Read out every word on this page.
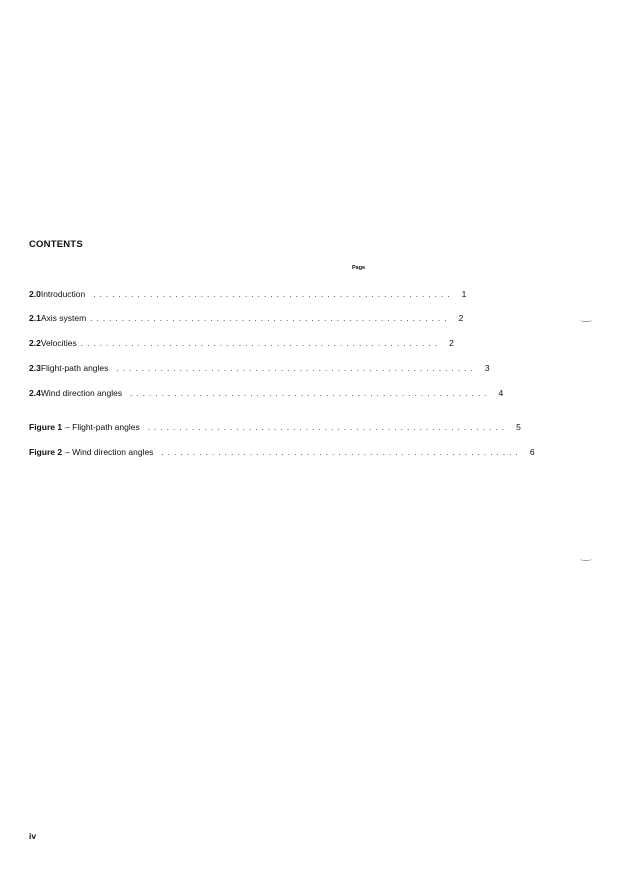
CONTENTS
Page
2.0 Introduction ......................................................... 1
2.1 Axis system ......................................................... 2
2.2 Velocities ......................................................... 2
2.3 Flight-path angles ......................................................... 3
2.4 Wind direction angles ......................................................... 4
Figure 1 – Flight-path angles ......................................................... 5
Figure 2 – Wind direction angles ......................................................... 6
iv
